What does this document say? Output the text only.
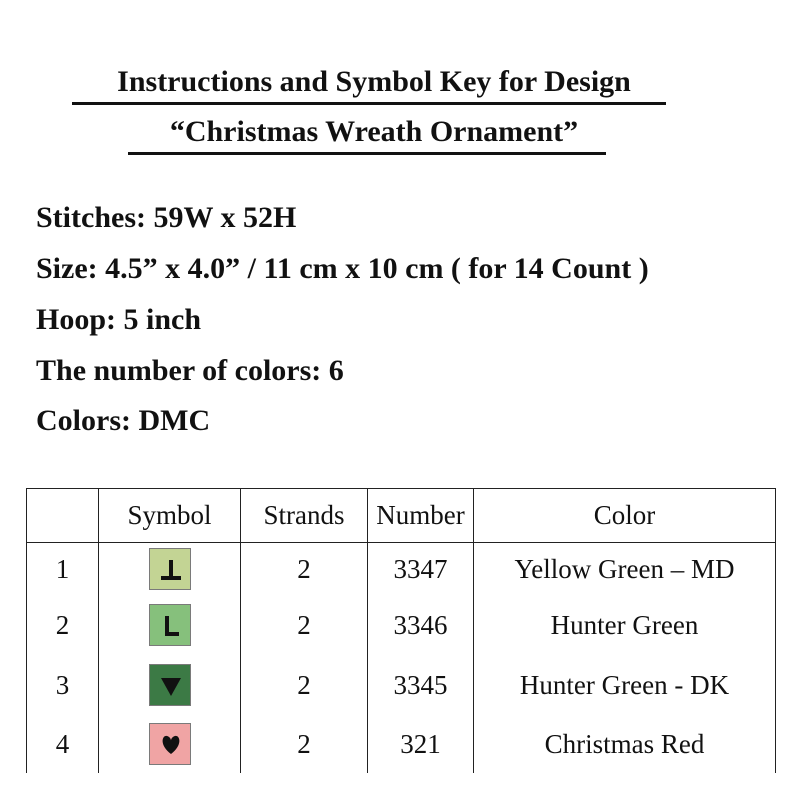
Instructions and Symbol Key for Design
“Christmas Wreath Ornament”
Stitches: 59W x 52H
Size: 4.5” x 4.0” / 11 cm x 10 cm ( for 14 Count )
Hoop: 5 inch
The number of colors: 6
Colors: DMC
	Symbol	Strands	Number	Color
1		2	3347	Yellow Green – MD
2		2	3346	Hunter Green
3		2	3345	Hunter Green - DK
4		2	321	Christmas Red
